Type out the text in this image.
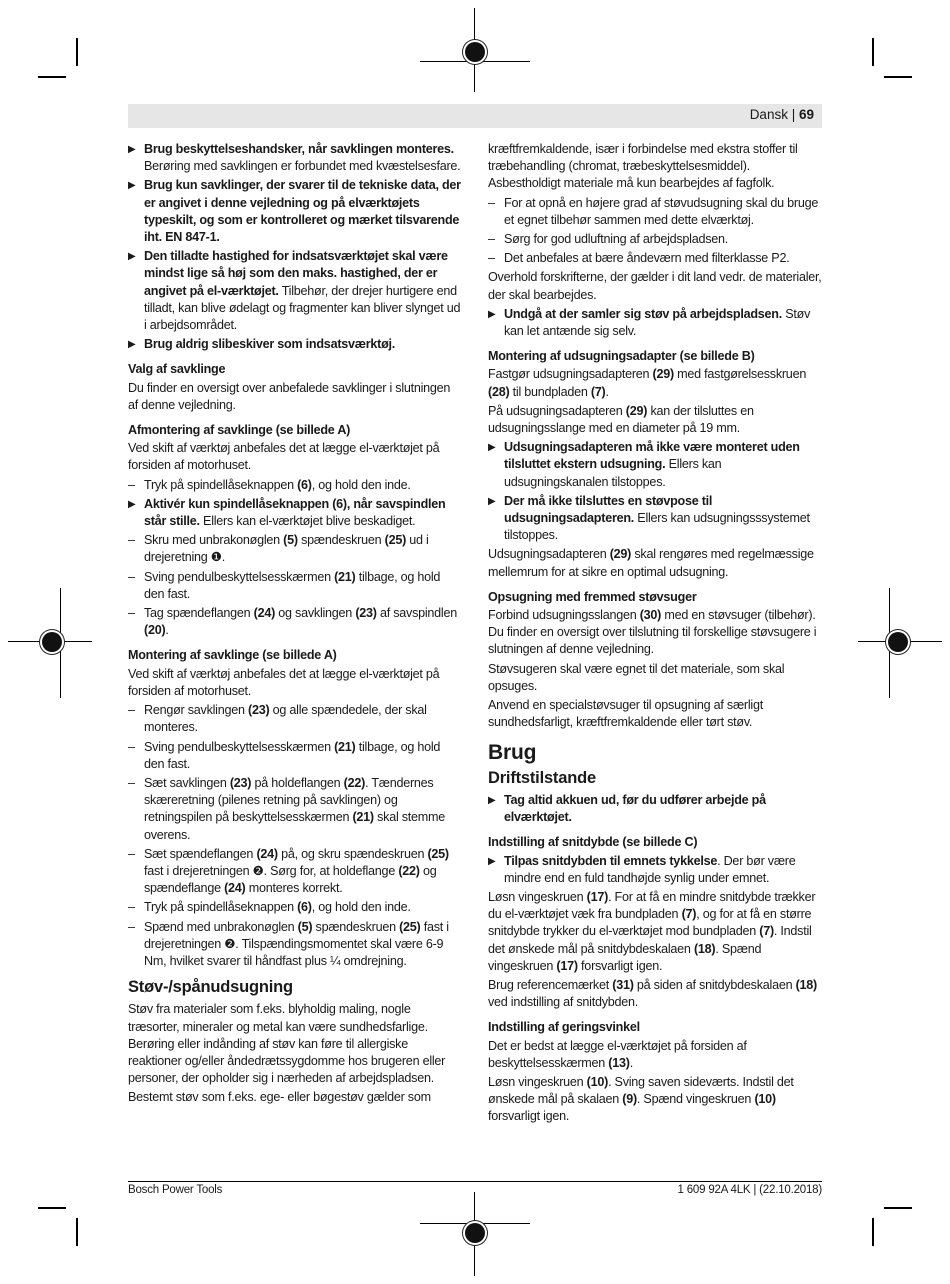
Dansk | 69

▶ Brug beskyttelseshandsker, når savklingen monteres. Berøring med savklingen er forbundet med kvæstelsesfare.

▶ Brug kun savklinger, der svarer til de tekniske data, der er angivet i denne vejledning og på elværktøjets typeskilt, og som er kontrolleret og mærket tilsvarende iht. EN 847-1.

▶ Den tilladte hastighed for indsatsværktøjet skal være mindst lige så høj som den maks. hastighed, der er angivet på el-værktøjet. Tilbehør, der drejer hurtigere end tilladt, kan blive ødelagt og fragmenter kan bliver slynget ud i arbejdsområdet.

▶ Brug aldrig slibeskiver som indsatsværktøj.

Valg af savklinge

Du finder en oversigt over anbefalede savklinger i slutningen af denne vejledning.

Afmontering af savklinge (se billede A)

Ved skift af værktøj anbefales det at lægge el-værktøjet på forsiden af motorhuset.

– Tryk på spindellåseknappen (6), og hold den inde.

▶ Aktivér kun spindellåseknappen (6), når savspindlen står stille. Ellers kan el-værktøjet blive beskadiget.

– Skru med unbrakonøglen (5) spændeskruen (25) ud i drejeretning ❶.

– Sving pendulbeskyttelsesskærmen (21) tilbage, og hold den fast.

– Tag spændeflangen (24) og savklingen (23) af savspindlen (20).

Montering af savklinge (se billede A)

Ved skift af værktøj anbefales det at lægge el-værktøjet på forsiden af motorhuset.

– Rengør savklingen (23) og alle spændedele, der skal monteres.

– Sving pendulbeskyttelsesskærmen (21) tilbage, og hold den fast.

– Sæt savklingen (23) på holdeflangen (22). Tændernes skæreretning (pilenes retning på savklingen) og retningspilen på beskyttelsesskærmen (21) skal stemme overens.

– Sæt spændeflangen (24) på, og skru spændeskruen (25) fast i drejeretningen ❷. Sørg for, at holdeflange (22) og spændeflange (24) monteres korrekt.

– Tryk på spindellåseknappen (6), og hold den inde.

– Spænd med unbrakonøglen (5) spændeskruen (25) fast i drejeretningen ❷. Tilspændingsmomentet skal være 6-9 Nm, hvilket svarer til håndfast plus ¼ omdrejning.

Støv-/spånudsugning

Støv fra materialer som f.eks. blyholdig maling, nogle træsorter, mineraler og metal kan være sundhedsfarlige. Berøring eller indånding af støv kan føre til allergiske reaktioner og/eller åndedrætssygdomme hos brugeren eller personer, der opholder sig i nærheden af arbejdspladsen.

Bestemt støv som f.eks. ege- eller bøgestøv gælder som

kræftfremkaldende, især i forbindelse med ekstra stoffer til træbehandling (chromat, træbeskyttelsesmiddel). Asbestholdigt materiale må kun bearbejdes af fagfolk.

– For at opnå en højere grad af støvudsugning skal du bruge et egnet tilbehør sammen med dette elværktøj.

– Sørg for god udluftning af arbejdspladsen.

– Det anbefales at bære åndeværn med filterklasse P2.

Overhold forskrifterne, der gælder i dit land vedr. de materialer, der skal bearbejdes.

▶ Undgå at der samler sig støv på arbejdspladsen. Støv kan let antænde sig selv.

Montering af udsugningsadapter (se billede B)

Fastgør udsugningsadapteren (29) med fastgørelsesskruen (28) til bundpladen (7).

På udsugningsadapteren (29) kan der tilsluttes en udsugningsslange med en diameter på 19 mm.

▶ Udsugningsadapteren må ikke være monteret uden tilsluttet ekstern udsugning. Ellers kan udsugningskanalen tilstoppes.

▶ Der må ikke tilsluttes en støvpose til udsugningsadapteren. Ellers kan udsugningsssystemet tilstoppes.

Udsugningsadapteren (29) skal rengøres med regelmæssige mellemrum for at sikre en optimal udsugning.

Opsugning med fremmed støvsuger

Forbind udsugningsslangen (30) med en støvsuger (tilbehør). Du finder en oversigt over tilslutning til forskellige støvsugere i slutningen af denne vejledning.

Støvsugeren skal være egnet til det materiale, som skal opsuges.

Anvend en specialstøvsuger til opsugning af særligt sundhedsfarligt, kræftfremkaldende eller tørt støv.

Brug

Driftstilstande

▶ Tag altid akkuen ud, før du udfører arbejde på elværktøjet.

Indstilling af snitdybde (se billede C)

▶ Tilpas snitdybden til emnets tykkelse. Der bør være mindre end en fuld tandhøjde synlig under emnet.

Løsn vingeskruen (17). For at få en mindre snitdybde trækker du el-værktøjet væk fra bundpladen (7), og for at få en større snitdybde trykker du el-værktøjet mod bundpladen (7). Indstil det ønskede mål på snitdybdeskalaen (18). Spænd vingeskruen (17) forsvarligt igen.

Brug referencemærket (31) på siden af snitdybdeskalaen (18) ved indstilling af snitdybden.

Indstilling af geringsvinkel

Det er bedst at lægge el-værktøjet på forsiden af beskyttelsesskærmen (13).

Løsn vingeskruen (10). Sving saven sideværts. Indstil det ønskede mål på skalaen (9). Spænd vingeskruen (10) forsvarligt igen.

Bosch Power Tools	1 609 92A 4LK | (22.10.2018)
